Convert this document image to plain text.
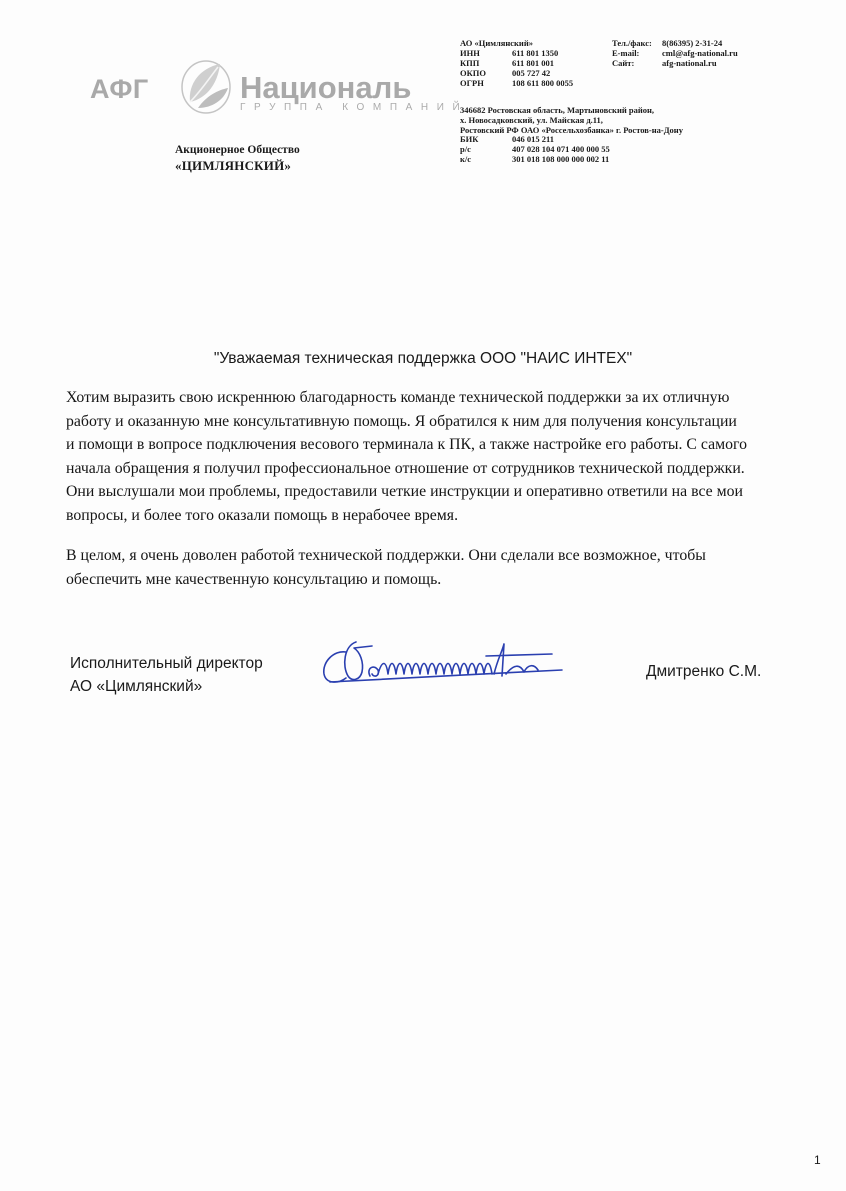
АФГ	Националь
ГРУППА КОМПАНИЙ
Акционерное Общество
«ЦИМЛЯНСКИЙ»
АО «Цимлянский»
ИНН	611 801 1350
КПП	611 801 001
ОКПО	005 727 42
ОГРН	108 611 800 0055
Тел./факс:	8(86395) 2-31-24
E-mail:	cml@afg-national.ru
Сайт:	afg-national.ru
346682 Ростовская область, Мартыновский район,
х. Новосадковский, ул. Майская д.11,
Ростовский РФ ОАО «Россельхозбанка» г. Ростов-на-Дону
БИК	046 015 211
р/с	407 028 104 071 400 000 55
к/с	301 018 108 000 000 002 11
"Уважаемая техническая поддержка ООО "НАИС ИНТЕХ"
Хотим выразить свою искреннюю благодарность команде технической поддержки за их отличную
работу и оказанную мне консультативную помощь. Я обратился к ним для получения консультации
и помощи в вопросе подключения весового терминала к ПК, а также настройке его работы. С самого
начала обращения я получил профессиональное отношение от сотрудников технической поддержки.
Они выслушали мои проблемы, предоставили четкие инструкции и оперативно ответили на все мои
вопросы, и более того оказали помощь в нерабочее время.
В целом, я очень доволен работой технической поддержки. Они сделали все возможное, чтобы
обеспечить мне качественную консультацию и помощь.
Исполнительный директор
АО «Цимлянский»
Дмитренко С.М.
1
